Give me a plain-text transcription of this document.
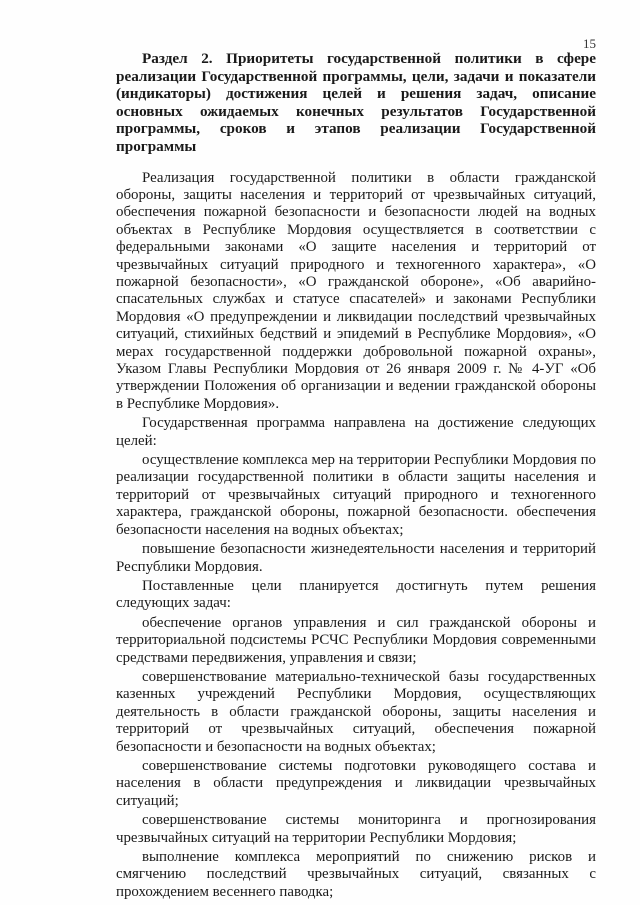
15

Раздел 2. Приоритеты государственной политики в сфере реализации Государственной программы, цели, задачи и показатели (индикаторы) достижения целей и решения задач, описание основных ожидаемых конечных результатов Государственной программы, сроков и этапов реализации Государственной программы

Реализация государственной политики в области гражданской обороны, защиты населения и территорий от чрезвычайных ситуаций, обеспечения пожарной безопасности и безопасности людей на водных объектах в Республике Мордовия осуществляется в соответствии с федеральными законами «О защите населения и территорий от чрезвычайных ситуаций природного и техногенного характера», «О пожарной безопасности», «О гражданской обороне», «Об аварийно-спасательных службах и статусе спасателей» и законами Республики Мордовия «О предупреждении и ликвидации последствий чрезвычайных ситуаций, стихийных бедствий и эпидемий в Республике Мордовия», «О мерах государственной поддержки добровольной пожарной охраны», Указом Главы Республики Мордовия от 26 января 2009 г. № 4-УГ «Об утверждении Положения об организации и ведении гражданской обороны в Республике Мордовия».

Государственная программа направлена на достижение следующих целей:

осуществление комплекса мер на территории Республики Мордовия по реализации государственной политики в области защиты населения и территорий от чрезвычайных ситуаций природного и техногенного характера, гражданской обороны, пожарной безопасности. обеспечения безопасности населения на водных объектах;

повышение безопасности жизнедеятельности населения и территорий Республики Мордовия.

Поставленные цели планируется достигнуть путем решения следующих задач:

обеспечение органов управления и сил гражданской обороны и территориальной подсистемы РСЧС Республики Мордовия современными средствами передвижения, управления и связи;

совершенствование материально-технической базы государственных казенных учреждений Республики Мордовия, осуществляющих деятельность в области гражданской обороны, защиты населения и территорий от чрезвычайных ситуаций, обеспечения пожарной безопасности и безопасности на водных объектах;

совершенствование системы подготовки руководящего состава и населения в области предупреждения и ликвидации чрезвычайных ситуаций;

совершенствование системы мониторинга и прогнозирования чрезвычайных ситуаций на территории Республики Мордовия;

выполнение комплекса мероприятий по снижению рисков и смягчению последствий чрезвычайных ситуаций, связанных с прохождением весеннего паводка;
